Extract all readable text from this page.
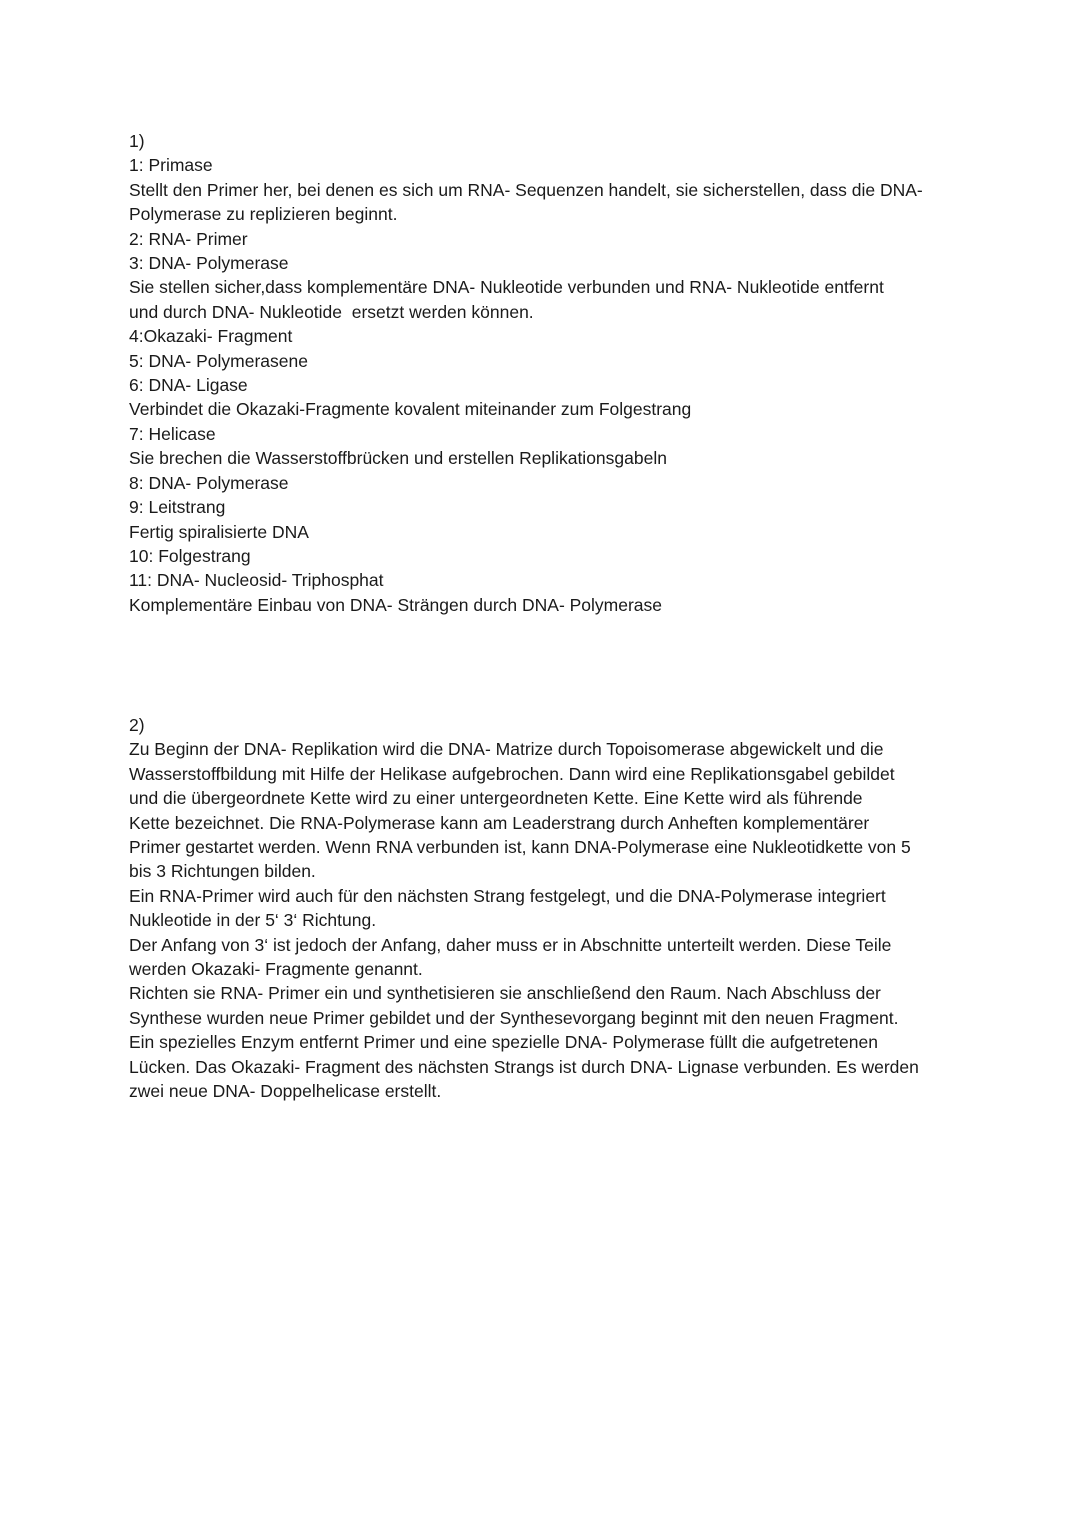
1)
1: Primase
Stellt den Primer her, bei denen es sich um RNA- Sequenzen handelt, sie sicherstellen, dass die DNA-
Polymerase zu replizieren beginnt.
2: RNA- Primer
3: DNA- Polymerase
Sie stellen sicher,dass komplementäre DNA- Nukleotide verbunden und RNA- Nukleotide entfernt
und durch DNA- Nukleotide  ersetzt werden können.
4:Okazaki- Fragment
5: DNA- Polymerasene
6: DNA- Ligase
Verbindet die Okazaki-Fragmente kovalent miteinander zum Folgestrang
7: Helicase
Sie brechen die Wasserstoffbrücken und erstellen Replikationsgabeln
8: DNA- Polymerase
9: Leitstrang
Fertig spiralisierte DNA
10: Folgestrang
11: DNA- Nucleosid- Triphosphat
Komplementäre Einbau von DNA- Strängen durch DNA- Polymerase
2)
Zu Beginn der DNA- Replikation wird die DNA- Matrize durch Topoisomerase abgewickelt und die
Wasserstoffbildung mit Hilfe der Helikase aufgebrochen. Dann wird eine Replikationsgabel gebildet
und die übergeordnete Kette wird zu einer untergeordneten Kette. Eine Kette wird als führende
Kette bezeichnet. Die RNA-Polymerase kann am Leaderstrang durch Anheften komplementärer
Primer gestartet werden. Wenn RNA verbunden ist, kann DNA-Polymerase eine Nukleotidkette von 5
bis 3 Richtungen bilden.
Ein RNA-Primer wird auch für den nächsten Strang festgelegt, und die DNA-Polymerase integriert
Nukleotide in der 5‘ 3‘ Richtung.
Der Anfang von 3‘ ist jedoch der Anfang, daher muss er in Abschnitte unterteilt werden. Diese Teile
werden Okazaki- Fragmente genannt.
Richten sie RNA- Primer ein und synthetisieren sie anschließend den Raum. Nach Abschluss der
Synthese wurden neue Primer gebildet und der Synthesevorgang beginnt mit den neuen Fragment.
Ein spezielles Enzym entfernt Primer und eine spezielle DNA- Polymerase füllt die aufgetretenen
Lücken. Das Okazaki- Fragment des nächsten Strangs ist durch DNA- Lignase verbunden. Es werden
zwei neue DNA- Doppelhelicase erstellt.
